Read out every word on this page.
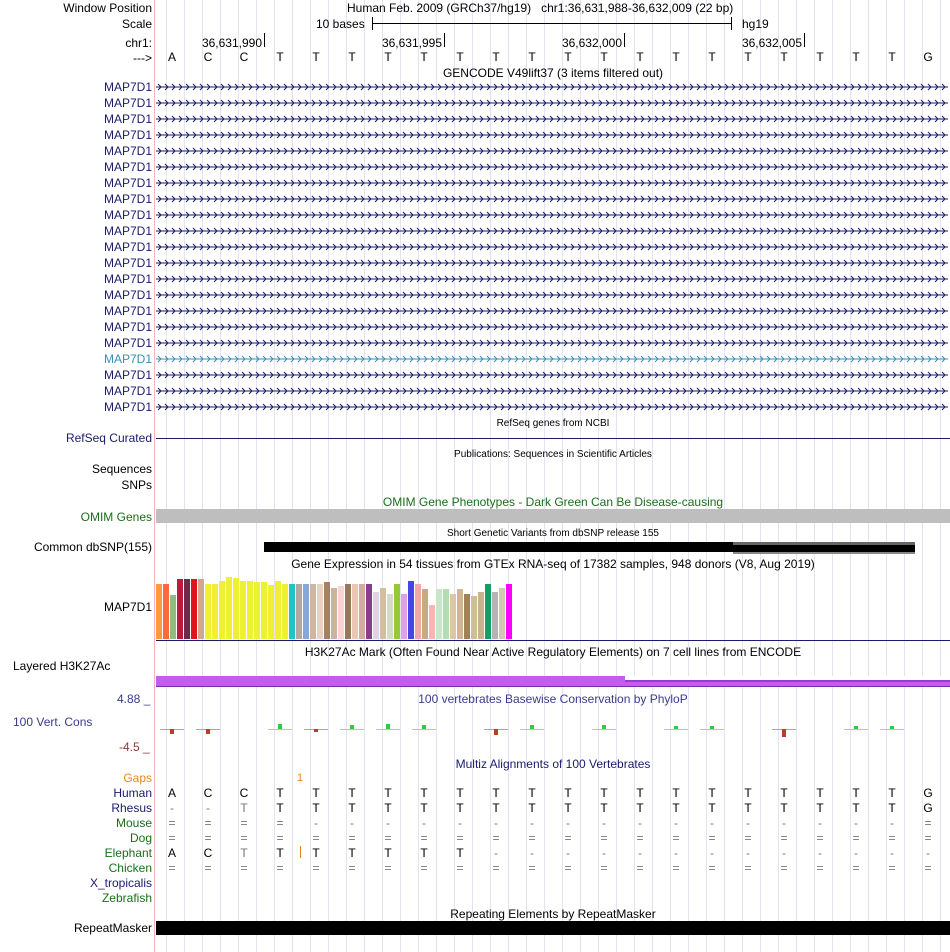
Window Position	Human Feb. 2009 (GRCh37/hg19)   chr1:36,631,988-36,632,009 (22 bp)
Scale	10 bases	hg19
chr1:	36,631,990	36,631,995	36,632,000	36,632,005
--->	A	C	C	T	T	T	T	T	T	T	T	T	T	T	T	T	T	T	T	T	T	G
GENCODE V49lift37 (3 items filtered out)
MAP7D1
MAP7D1
MAP7D1
MAP7D1
MAP7D1
MAP7D1
MAP7D1
MAP7D1
MAP7D1
MAP7D1
MAP7D1
MAP7D1
MAP7D1
MAP7D1
MAP7D1
MAP7D1
MAP7D1
MAP7D1
MAP7D1
MAP7D1
MAP7D1
RefSeq genes from NCBI
RefSeq Curated
Publications: Sequences in Scientific Articles
Sequences
SNPs
OMIM Gene Phenotypes - Dark Green Can Be Disease-causing
OMIM Genes
Short Genetic Variants from dbSNP release 155
Common dbSNP(155)
Gene Expression in 54 tissues from GTEx RNA-seq of 17382 samples, 948 donors (V8, Aug 2019)
MAP7D1
H3K27Ac Mark (Often Found Near Active Regulatory Elements) on 7 cell lines from ENCODE
Layered H3K27Ac
4.88 _	100 vertebrates Basewise Conservation by PhyloP
100 Vert. Cons
-4.5 _
Multiz Alignments of 100 Vertebrates
Gaps	1
Human	A	C	C	T	T	T	T	T	T	T	T	T	T	T	T	T	T	T	T	T	T	G
Rhesus	-	-	T	T	T	T	T	T	T	T	T	T	T	T	T	T	T	T	T	T	T	G
Mouse	=	=	=	=	-	-	-	-	-	-	-	-	-	-	-	-	-	-	-	-	-	=
Dog	=	=	=	=	=	=	=	=	=	=	=	=	=	=	=	=	=	=	=	=	=	=
Elephant	A	C	T	T	T	T	T	T	T	-	-	-	-	-	-	-	-	-	-	-	-	-
Chicken	=	=	=	=	=	=	=	=	=	=	=	=	=	=	=	=	=	=	=	=	=	=
X_tropicalis
Zebrafish
Repeating Elements by RepeatMasker
RepeatMasker
